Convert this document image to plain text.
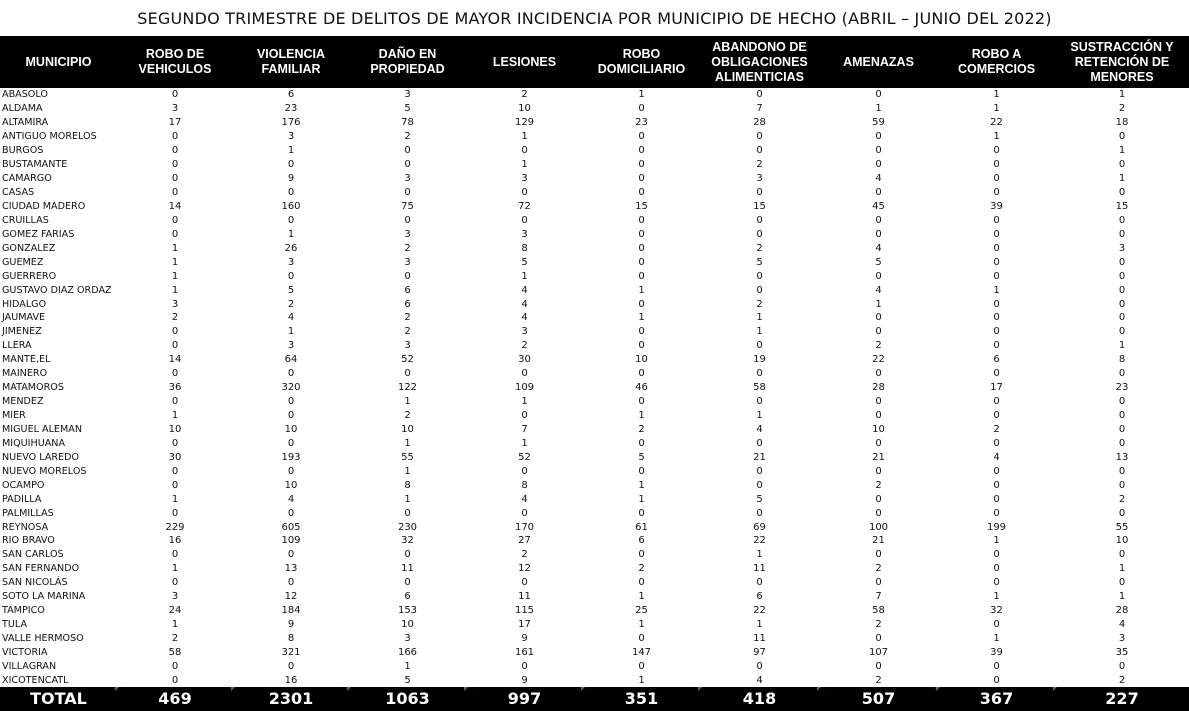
SEGUNDO TRIMESTRE DE DELITOS DE MAYOR INCIDENCIA POR MUNICIPIO DE HECHO (ABRIL – JUNIO DEL 2022)
MUNICIPIO	ROBO DE VEHICULOS	VIOLENCIA FAMILIAR	DAÑO EN PROPIEDAD	LESIONES	ROBO DOMICILIARIO	ABANDONO DE OBLIGACIONES ALIMENTICIAS	AMENAZAS	ROBO A COMERCIOS	SUSTRACCIÓN Y RETENCIÓN DE MENORES
ABASOLO	0	6	3	2	1	0	0	1	1
ALDAMA	3	23	5	10	0	7	1	1	2
ALTAMIRA	17	176	78	129	23	28	59	22	18
ANTIGUO MORELOS	0	3	2	1	0	0	0	1	0
BURGOS	0	1	0	0	0	0	0	0	1
BUSTAMANTE	0	0	0	1	0	2	0	0	0
CAMARGO	0	9	3	3	0	3	4	0	1
CASAS	0	0	0	0	0	0	0	0	0
CIUDAD MADERO	14	160	75	72	15	15	45	39	15
CRUILLAS	0	0	0	0	0	0	0	0	0
GOMEZ FARIAS	0	1	3	3	0	0	0	0	0
GONZALEZ	1	26	2	8	0	2	4	0	3
GUEMEZ	1	3	3	5	0	5	5	0	0
GUERRERO	1	0	0	1	0	0	0	0	0
GUSTAVO DIAZ ORDAZ	1	5	6	4	1	0	4	1	0
HIDALGO	3	2	6	4	0	2	1	0	0
JAUMAVE	2	4	2	4	1	1	0	0	0
JIMENEZ	0	1	2	3	0	1	0	0	0
LLERA	0	3	3	2	0	0	2	0	1
MANTE,EL	14	64	52	30	10	19	22	6	8
MAINERO	0	0	0	0	0	0	0	0	0
MATAMOROS	36	320	122	109	46	58	28	17	23
MENDEZ	0	0	1	1	0	0	0	0	0
MIER	1	0	2	0	1	1	0	0	0
MIGUEL ALEMAN	10	10	10	7	2	4	10	2	0
MIQUIHUANA	0	0	1	1	0	0	0	0	0
NUEVO LAREDO	30	193	55	52	5	21	21	4	13
NUEVO MORELOS	0	0	1	0	0	0	0	0	0
OCAMPO	0	10	8	8	1	0	2	0	0
PADILLA	1	4	1	4	1	5	0	0	2
PALMILLAS	0	0	0	0	0	0	0	0	0
REYNOSA	229	605	230	170	61	69	100	199	55
RIO BRAVO	16	109	32	27	6	22	21	1	10
SAN CARLOS	0	0	0	2	0	1	0	0	0
SAN FERNANDO	1	13	11	12	2	11	2	0	1
SAN NICOLÁS	0	0	0	0	0	0	0	0	0
SOTO LA MARINA	3	12	6	11	1	6	7	1	1
TAMPICO	24	184	153	115	25	22	58	32	28
TULA	1	9	10	17	1	1	2	0	4
VALLE HERMOSO	2	8	3	9	0	11	0	1	3
VICTORIA	58	321	166	161	147	97	107	39	35
VILLAGRAN	0	0	1	0	0	0	0	0	0
XICOTENCATL	0	16	5	9	1	4	2	0	2
TOTAL	469	2301	1063	997	351	418	507	367	227
